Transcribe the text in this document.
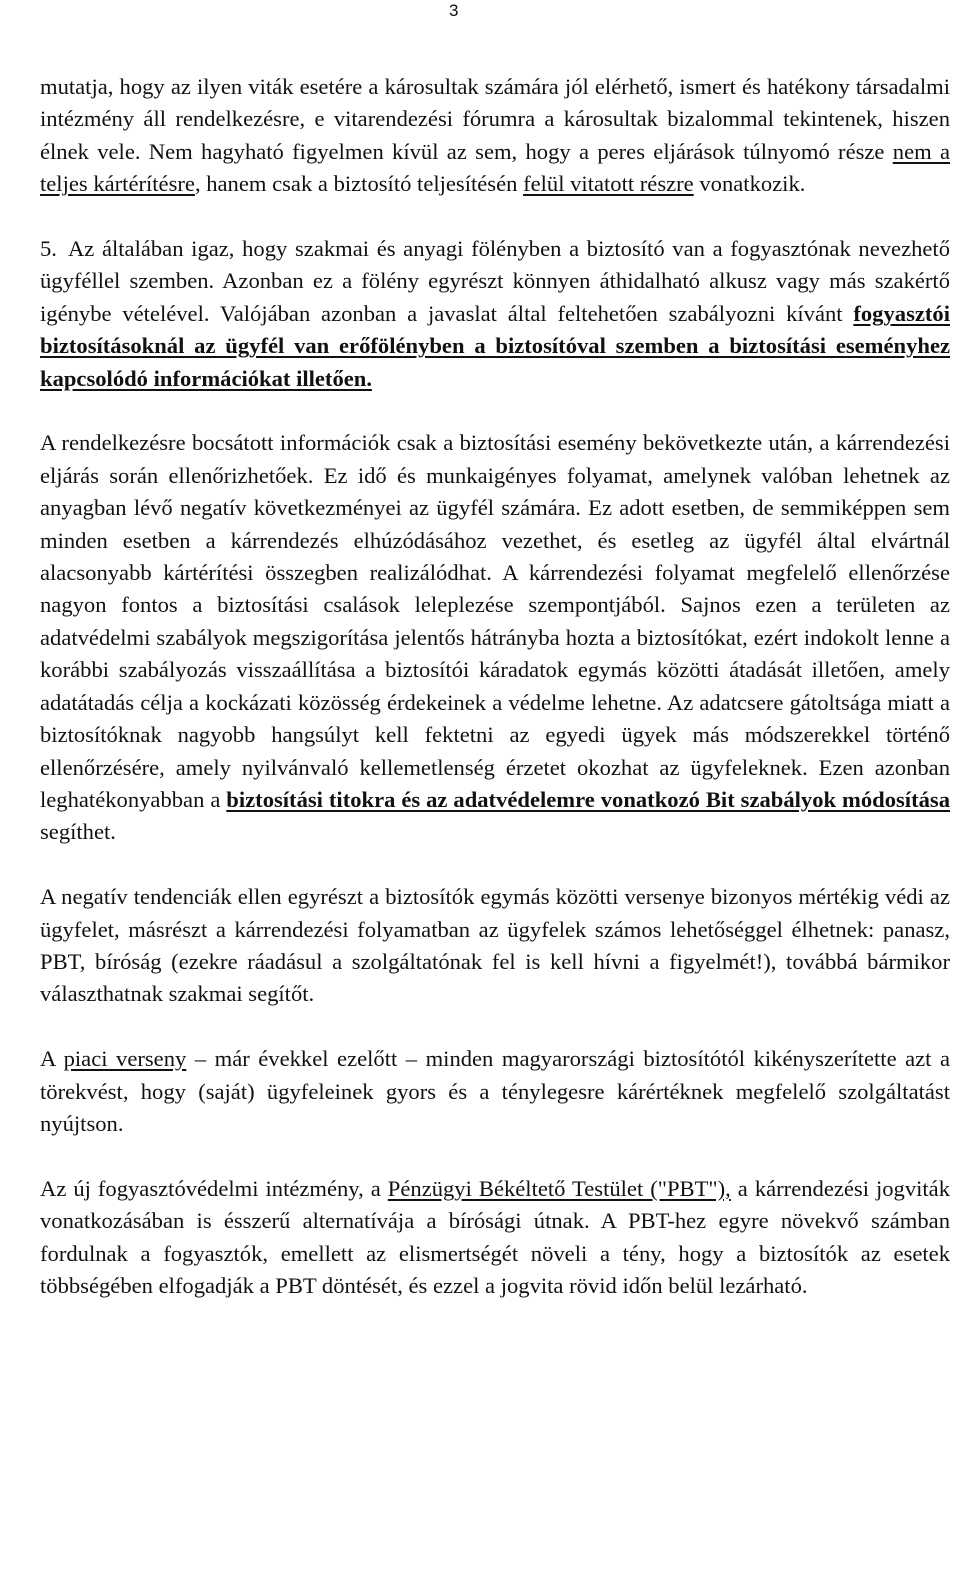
3

mutatja, hogy az ilyen viták esetére a károsultak számára jól elérhető, ismert és hatékony társadalmi intézmény áll rendelkezésre, e vitarendezési fórumra a károsultak bizalommal tekintenek, hiszen élnek vele. Nem hagyható figyelmen kívül az sem, hogy a peres eljárások túlnyomó része nem a teljes kártérítésre, hanem csak a biztosító teljesítésén felül vitatott részre vonatkozik.

5. Az általában igaz, hogy szakmai és anyagi fölényben a biztosító van a fogyasztónak nevezhető ügyféllel szemben. Azonban ez a fölény egyrészt könnyen áthidalható alkusz vagy más szakértő igénybe vételével. Valójában azonban a javaslat által feltehetően szabályozni kívánt fogyasztói biztosításoknál az ügyfél van erőfölényben a biztosítóval szemben a biztosítási eseményhez kapcsolódó információkat illetően.

A rendelkezésre bocsátott információk csak a biztosítási esemény bekövetkezte után, a kárrendezési eljárás során ellenőrizhetőek. Ez idő és munkaigényes folyamat, amelynek valóban lehetnek az anyagban lévő negatív következményei az ügyfél számára. Ez adott esetben, de semmiképpen sem minden esetben a kárrendezés elhúzódásához vezethet, és esetleg az ügyfél által elvártnál alacsonyabb kártérítési összegben realizálódhat. A kárrendezési folyamat megfelelő ellenőrzése nagyon fontos a biztosítási csalások leleplezése szempontjából. Sajnos ezen a területen az adatvédelmi szabályok megszigorítása jelentős hátrányba hozta a biztosítókat, ezért indokolt lenne a korábbi szabályozás visszaállítása a biztosítói káradatok egymás közötti átadását illetően, amely adatátadás célja a kockázati közösség érdekeinek a védelme lehetne. Az adatcsere gátoltsága miatt a biztosítóknak nagyobb hangsúlyt kell fektetni az egyedi ügyek más módszerekkel történő ellenőrzésére, amely nyilvánvaló kellemetlenség érzetet okozhat az ügyfeleknek. Ezen azonban leghatékonyabban a biztosítási titokra és az adatvédelemre vonatkozó Bit szabályok módosítása segíthet.

A negatív tendenciák ellen egyrészt a biztosítók egymás közötti versenye bizonyos mértékig védi az ügyfelet, másrészt a kárrendezési folyamatban az ügyfelek számos lehetőséggel élhetnek: panasz, PBT, bíróság (ezekre ráadásul a szolgáltatónak fel is kell hívni a figyelmét!), továbbá bármikor választhatnak szakmai segítőt.

A piaci verseny – már évekkel ezelőtt – minden magyarországi biztosítótól kikényszerítette azt a törekvést, hogy (saját) ügyfeleinek gyors és a ténylegesre kárértéknek megfelelő szolgáltatást nyújtson.

Az új fogyasztóvédelmi intézmény, a Pénzügyi Békéltető Testület ("PBT"), a kárrendezési jogviták vonatkozásában is ésszerű alternatívája a bírósági útnak. A PBT-hez egyre növekvő számban fordulnak a fogyasztók, emellett az elismertségét növeli a tény, hogy a biztosítók az esetek többségében elfogadják a PBT döntését, és ezzel a jogvita rövid időn belül lezárható.
